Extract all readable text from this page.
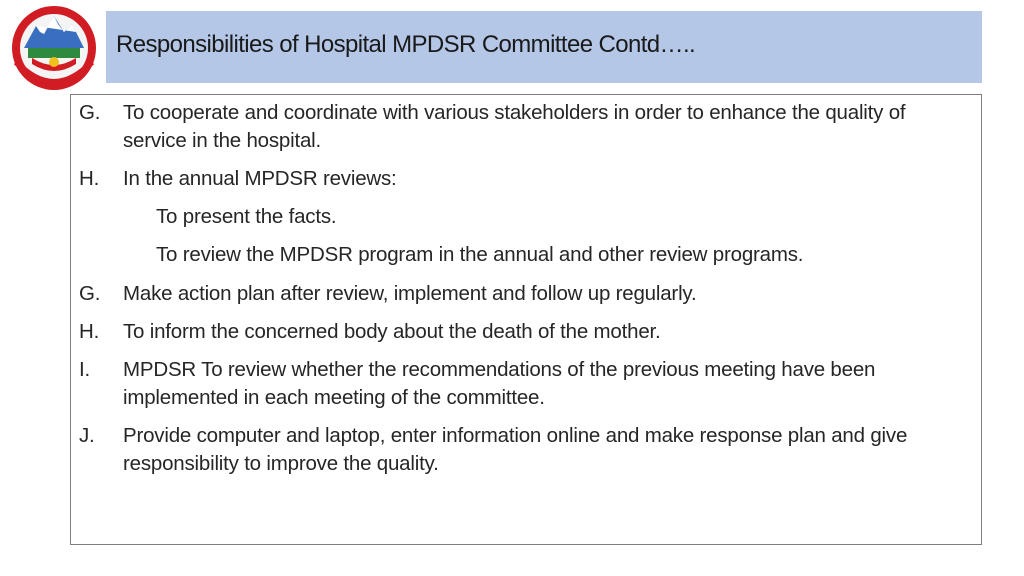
Responsibilities of Hospital MPDSR Committee Contd…..
G. To cooperate and coordinate with various stakeholders in order to enhance the quality of service in the hospital.
H. In the annual MPDSR reviews:
To present the facts.
To review the MPDSR program in the annual and other review programs.
G. Make action plan after review, implement and follow up regularly.
H. To inform the concerned body about the death of the mother.
I. MPDSR To review whether the recommendations of the previous meeting have been implemented in each meeting of the committee.
J. Provide computer and laptop, enter information online and make response plan and give responsibility to improve the quality.
